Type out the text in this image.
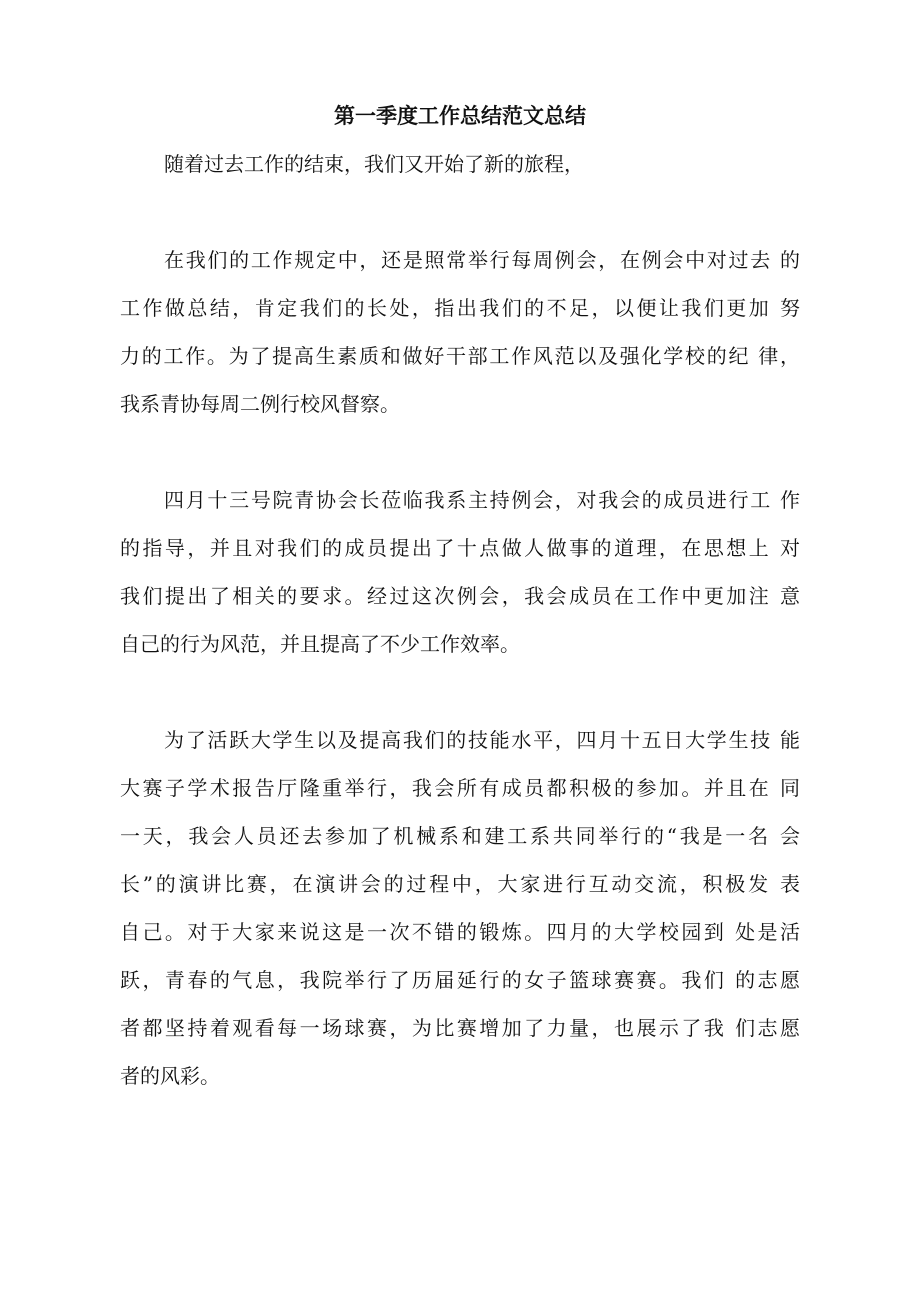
第一季度工作总结范文总结
随着过去工作的结束，我们又开始了新的旅程，
在我们的工作规定中，还是照常举行每周例会，在例会中对过去 的
工作做总结，肯定我们的长处，指出我们的不足，以便让我们更加 努
力的工作。为了提高生素质和做好干部工作风范以及强化学校的纪 律，
我系青协每周二例行校风督察。
四月十三号院青协会长莅临我系主持例会，对我会的成员进行工 作
的指导，并且对我们的成员提出了十点做人做事的道理，在思想上 对
我们提出了相关的要求。经过这次例会，我会成员在工作中更加注 意
自己的行为风范，并且提高了不少工作效率。
为了活跃大学生以及提高我们的技能水平，四月十五日大学生技 能
大赛子学术报告厅隆重举行，我会所有成员都积极的参加。并且在 同
一天，我会人员还去参加了机械系和建工系共同举行的“我是一名 会
长”的演讲比赛，在演讲会的过程中，大家进行互动交流，积极发 表
自己。对于大家来说这是一次不错的锻炼。四月的大学校园到 处是活
跃，青春的气息，我院举行了历届延行的女子篮球赛赛。我们 的志愿
者都坚持着观看每一场球赛，为比赛增加了力量，也展示了我 们志愿
者的风彩。
